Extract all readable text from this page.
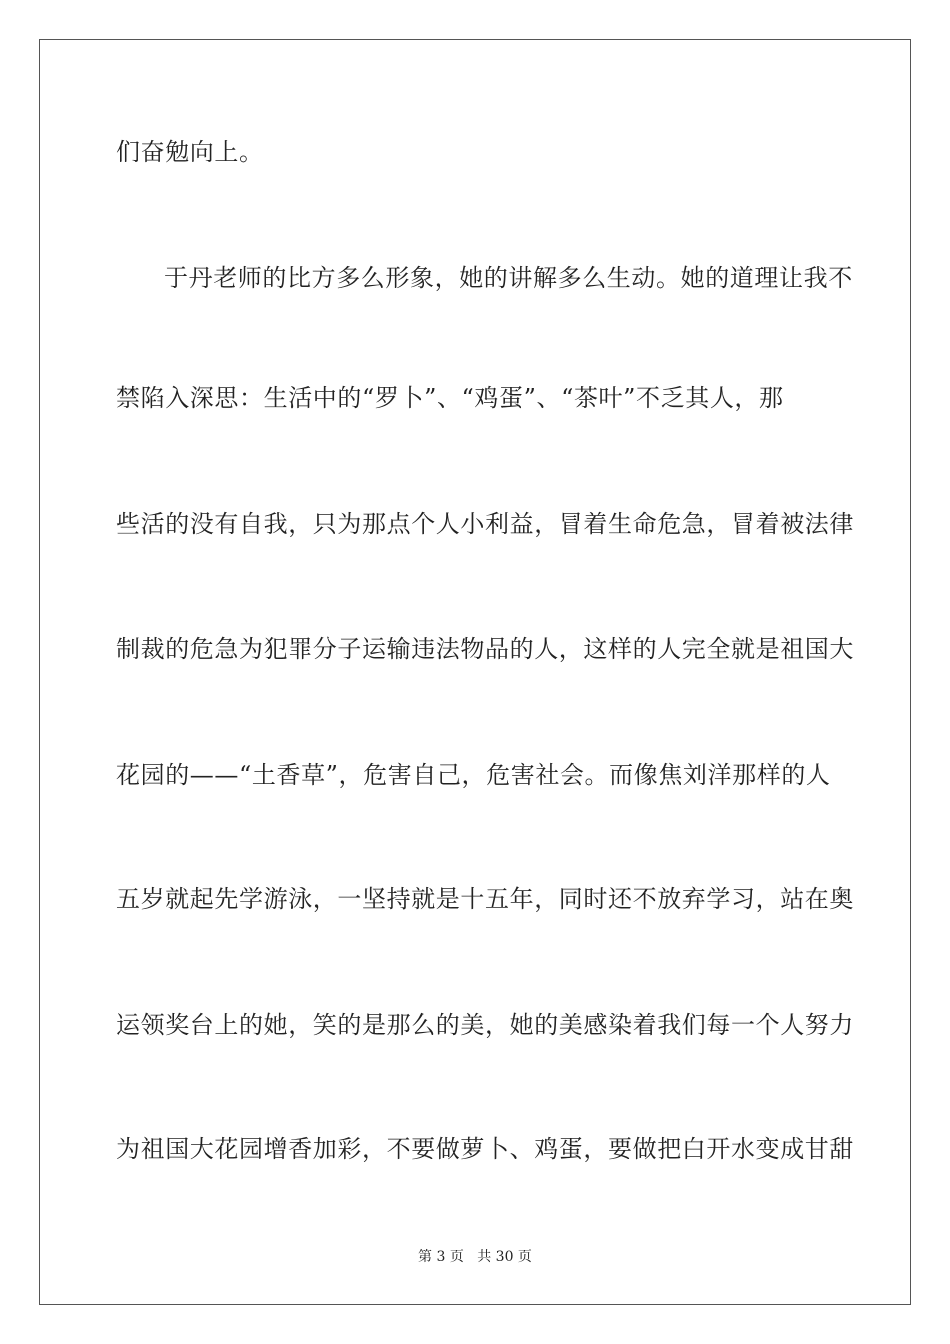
们奋勉向上。
于丹老师的比方多么形象，她的讲解多么生动。她的道理让我不
禁陷入深思：生活中的“罗卜”、“鸡蛋”、“茶叶”不乏其人，那
些活的没有自我，只为那点个人小利益，冒着生命危急，冒着被法律
制裁的危急为犯罪分子运输违法物品的人，这样的人完全就是祖国大
花园的——“土香草”，危害自己，危害社会。而像焦刘洋那样的人
五岁就起先学游泳，一坚持就是十五年，同时还不放弃学习，站在奥
运领奖台上的她，笑的是那么的美，她的美感染着我们每一个人努力
为祖国大花园增香加彩，不要做萝卜、鸡蛋，要做把白开水变成甘甜
第 3 页 共 30 页
